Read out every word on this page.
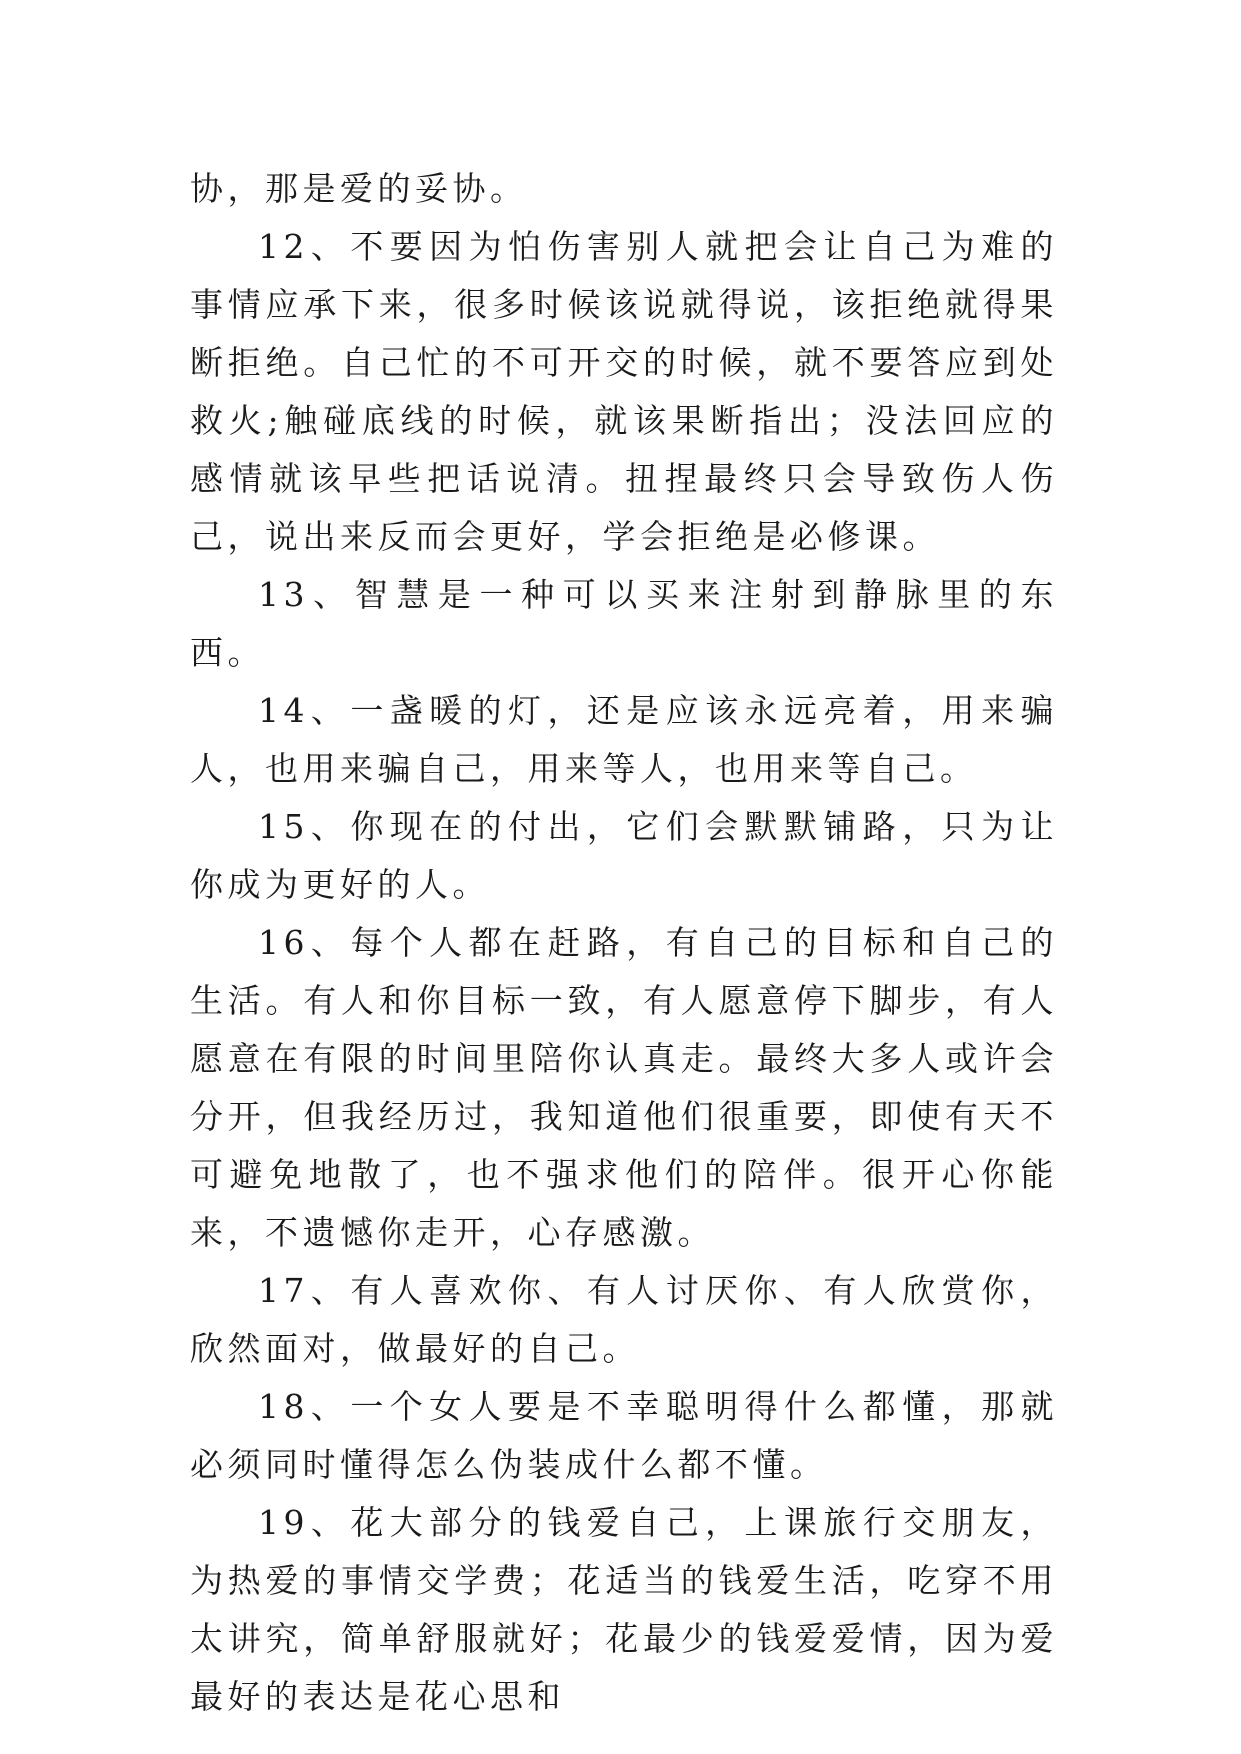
协，那是爱的妥协。

12、不要因为怕伤害别人就把会让自己为难的事情应承下来，很多时候该说就得说，该拒绝就得果断拒绝。自己忙的不可开交的时候，就不要答应到处救火;触碰底线的时候，就该果断指出；没法回应的感情就该早些把话说清。扭捏最终只会导致伤人伤己，说出来反而会更好，学会拒绝是必修课。

13、智慧是一种可以买来注射到静脉里的东西。

14、一盏暖的灯，还是应该永远亮着，用来骗人，也用来骗自己，用来等人，也用来等自己。

15、你现在的付出，它们会默默铺路，只为让你成为更好的人。

16、每个人都在赶路，有自己的目标和自己的生活。有人和你目标一致，有人愿意停下脚步，有人愿意在有限的时间里陪你认真走。最终大多人或许会分开，但我经历过，我知道他们很重要，即使有天不可避免地散了，也不强求他们的陪伴。很开心你能来，不遗憾你走开，心存感激。

17、有人喜欢你、有人讨厌你、有人欣赏你，欣然面对，做最好的自己。

18、一个女人要是不幸聪明得什么都懂，那就必须同时懂得怎么伪装成什么都不懂。

19、花大部分的钱爱自己，上课旅行交朋友，为热爱的事情交学费；花适当的钱爱生活，吃穿不用太讲究，简单舒服就好；花最少的钱爱爱情，因为爱最好的表达是花心思和
